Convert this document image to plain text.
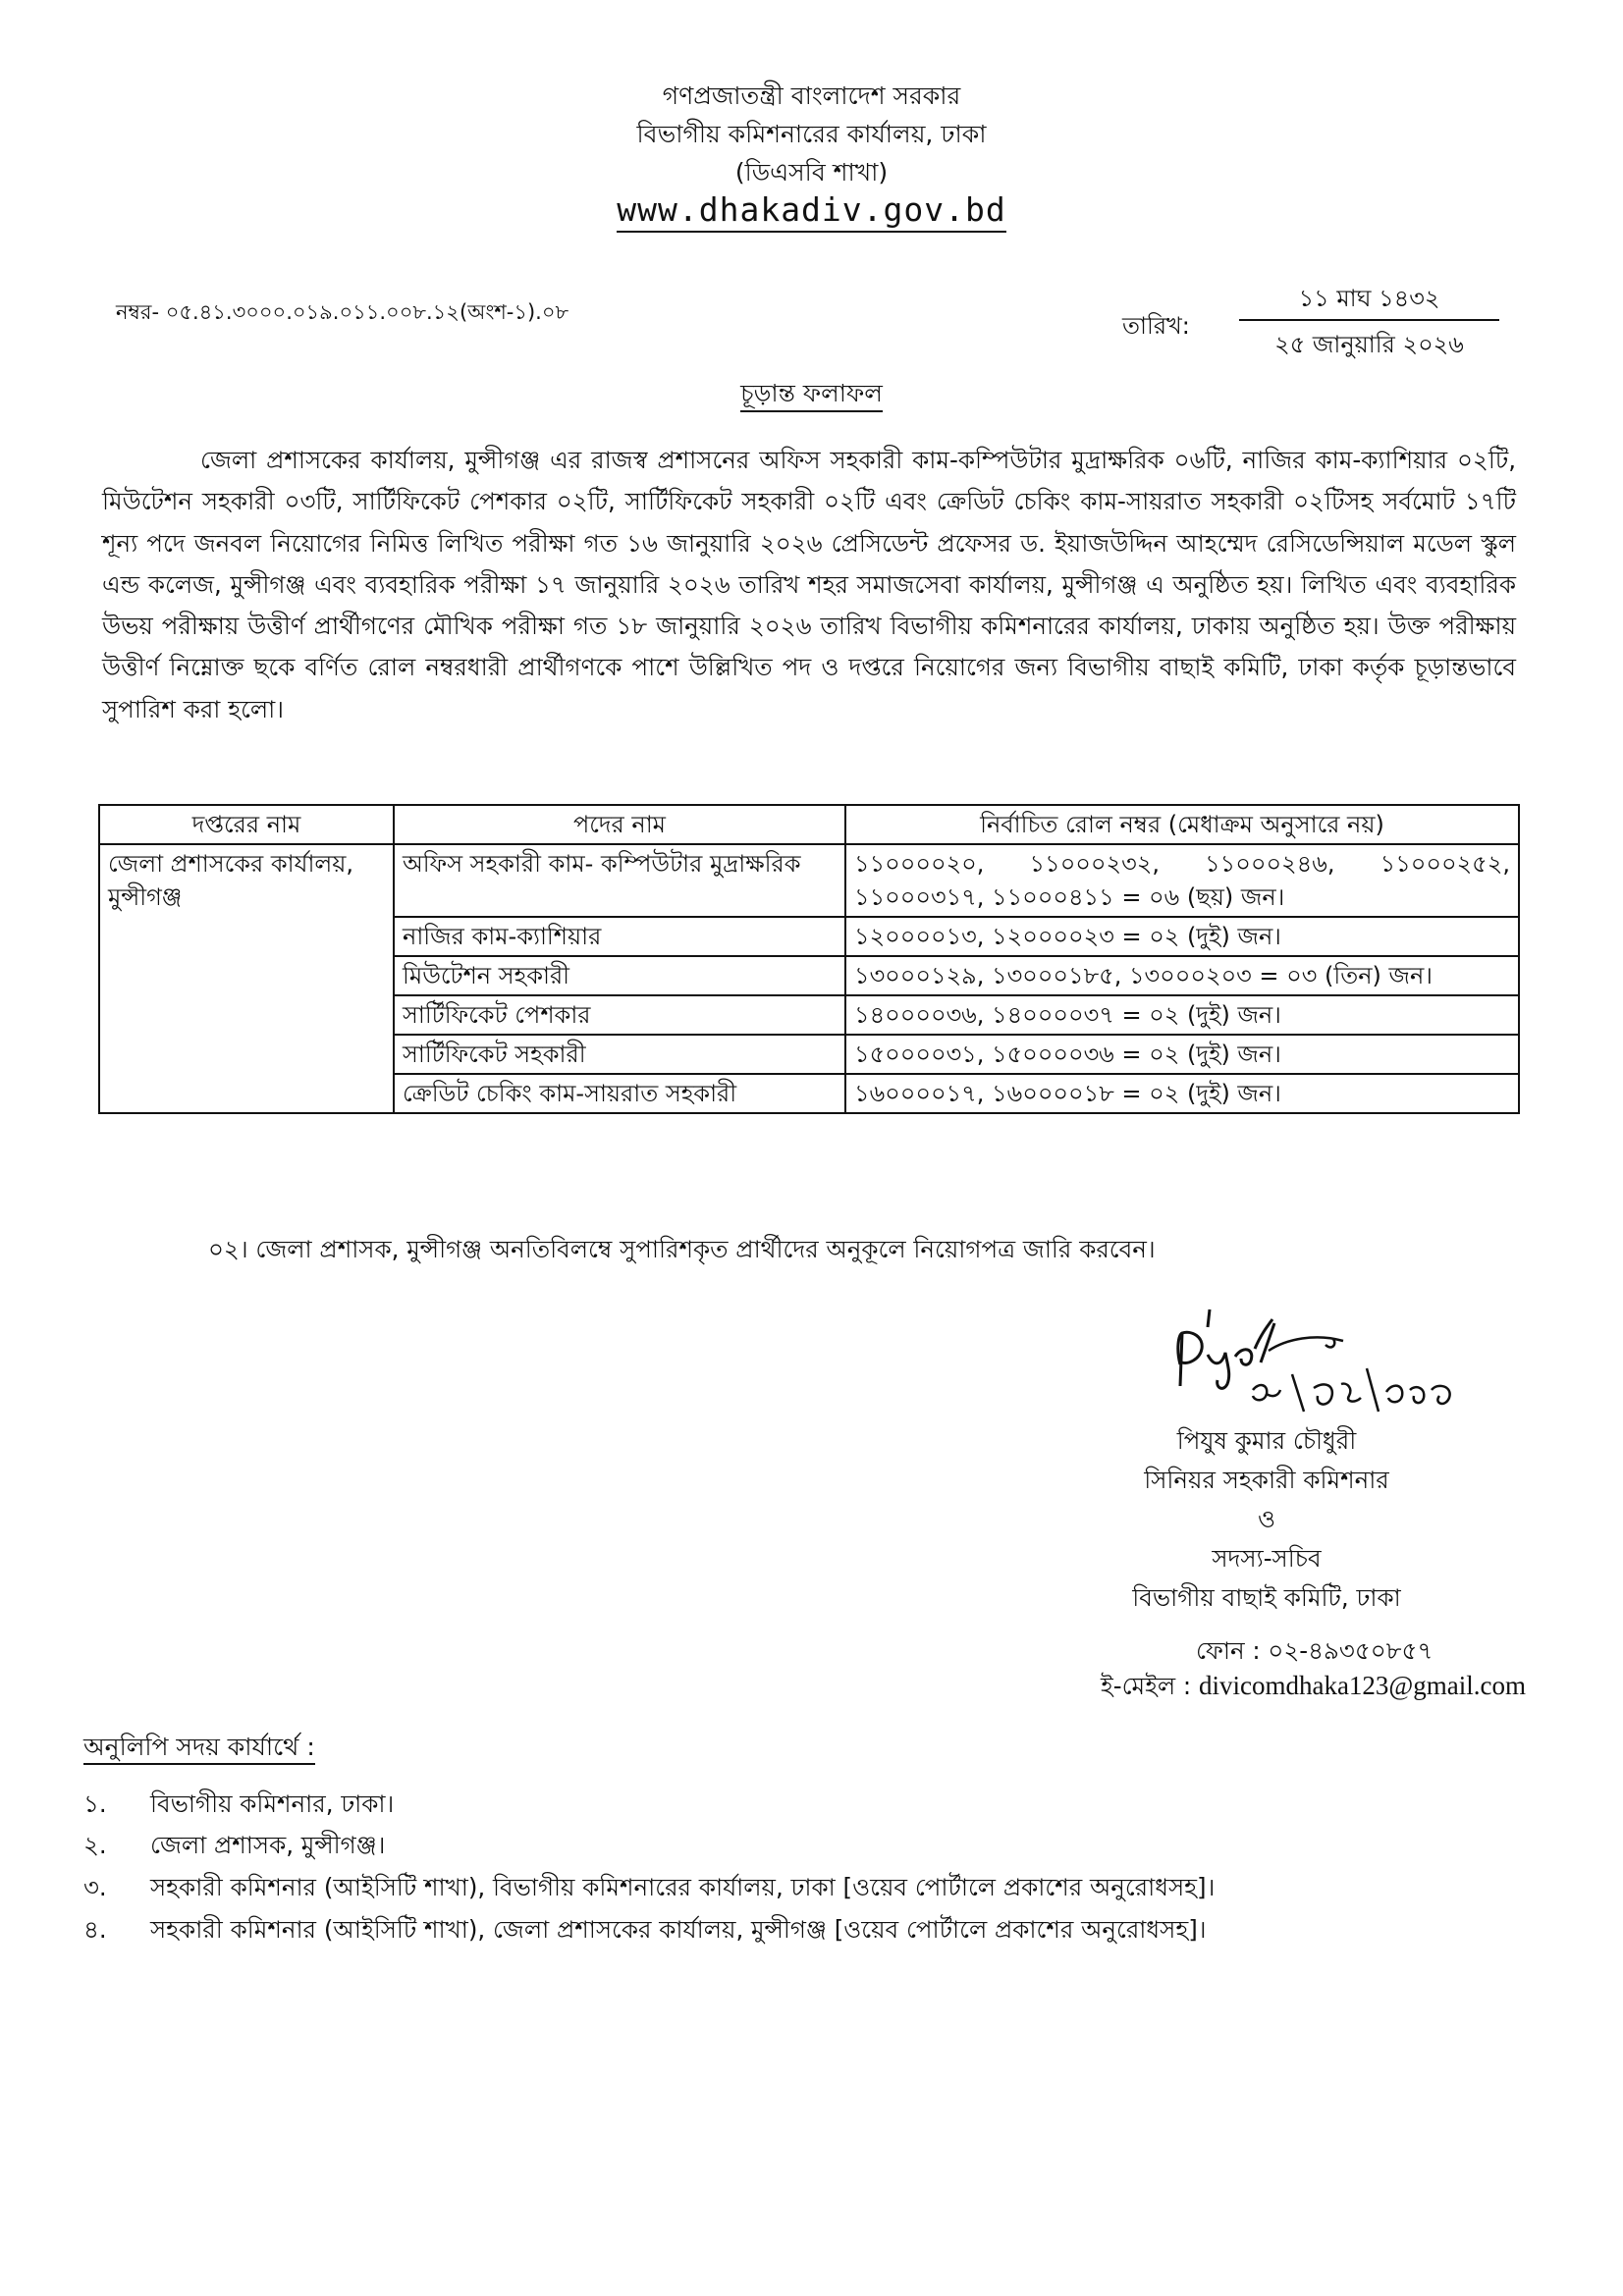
গণপ্রজাতন্ত্রী বাংলাদেশ সরকার
বিভাগীয় কমিশনারের কার্যালয়, ঢাকা
(ডিএসবি শাখা)
www.dhakadiv.gov.bd
নম্বর- ০৫.৪১.৩০০০.০১৯.০১১.০০৮.১২(অংশ-১).০৮	তারিখ:
১১ মাঘ ১৪৩২
২৫ জানুয়ারি ২০২৬
চূড়ান্ত ফলাফল
জেলা প্রশাসকের কার্যালয়, মুন্সীগঞ্জ এর রাজস্ব প্রশাসনের অফিস সহকারী কাম-কম্পিউটার মুদ্রাক্ষরিক ০৬টি, নাজির কাম-ক্যাশিয়ার ০২টি, মিউটেশন সহকারী ০৩টি, সার্টিফিকেট পেশকার ০২টি, সার্টিফিকেট সহকারী ০২টি এবং ক্রেডিট চেকিং কাম-সায়রাত সহকারী ০২টিসহ সর্বমোট ১৭টি শূন্য পদে জনবল নিয়োগের নিমিত্ত লিখিত পরীক্ষা গত ১৬ জানুয়ারি ২০২৬ প্রেসিডেন্ট প্রফেসর ড. ইয়াজউদ্দিন আহম্মেদ রেসিডেন্সিয়াল মডেল স্কুল এন্ড কলেজ, মুন্সীগঞ্জ এবং ব্যবহারিক পরীক্ষা ১৭ জানুয়ারি ২০২৬ তারিখ শহর সমাজসেবা কার্যালয়, মুন্সীগঞ্জ এ অনুষ্ঠিত হয়। লিখিত এবং ব্যবহারিক উভয় পরীক্ষায় উত্তীর্ণ প্রার্থীগণের মৌখিক পরীক্ষা গত ১৮ জানুয়ারি ২০২৬ তারিখ বিভাগীয় কমিশনারের কার্যালয়, ঢাকায় অনুষ্ঠিত হয়। উক্ত পরীক্ষায় উত্তীর্ণ নিম্নোক্ত ছকে বর্ণিত রোল নম্বরধারী প্রার্থীগণকে পাশে উল্লিখিত পদ ও দপ্তরে নিয়োগের জন্য বিভাগীয় বাছাই কমিটি, ঢাকা কর্তৃক চূড়ান্তভাবে সুপারিশ করা হলো।
দপ্তরের নাম	পদের নাম	নির্বাচিত রোল নম্বর (মেধাক্রম অনুসারে নয়)
জেলা প্রশাসকের কার্যালয়, মুন্সীগঞ্জ	অফিস সহকারী কাম- কম্পিউটার মুদ্রাক্ষরিক	১১০০০০২০, ১১০০০২৩২, ১১০০০২৪৬, ১১০০০২৫২, ১১০০০৩১৭, ১১০০০৪১১ = ০৬ (ছয়) জন।
	নাজির কাম-ক্যাশিয়ার	১২০০০০১৩, ১২০০০০২৩ = ০২ (দুই) জন।
	মিউটেশন সহকারী	১৩০০০১২৯, ১৩০০০১৮৫, ১৩০০০২০৩ = ০৩ (তিন) জন।
	সার্টিফিকেট পেশকার	১৪০০০০৩৬, ১৪০০০০৩৭ = ০২ (দুই) জন।
	সার্টিফিকেট সহকারী	১৫০০০০৩১, ১৫০০০০৩৬ = ০২ (দুই) জন।
	ক্রেডিট চেকিং কাম-সায়রাত সহকারী	১৬০০০০১৭, ১৬০০০০১৮ = ০২ (দুই) জন।
০২। জেলা প্রশাসক, মুন্সীগঞ্জ অনতিবিলম্বে সুপারিশকৃত প্রার্থীদের অনুকূলে নিয়োগপত্র জারি করবেন।
পিযুষ কুমার চৌধুরী
সিনিয়র সহকারী কমিশনার
ও
সদস্য-সচিব
বিভাগীয় বাছাই কমিটি, ঢাকা
ফোন : ০২-৪৯৩৫০৮৫৭
ই-মেইল : divicomdhaka123@gmail.com
অনুলিপি সদয় কার্যার্থে :
১. বিভাগীয় কমিশনার, ঢাকা।
২. জেলা প্রশাসক, মুন্সীগঞ্জ।
৩. সহকারী কমিশনার (আইসিটি শাখা), বিভাগীয় কমিশনারের কার্যালয়, ঢাকা [ওয়েব পোর্টালে প্রকাশের অনুরোধসহ]।
৪. সহকারী কমিশনার (আইসিটি শাখা), জেলা প্রশাসকের কার্যালয়, মুন্সীগঞ্জ [ওয়েব পোর্টালে প্রকাশের অনুরোধসহ]।
